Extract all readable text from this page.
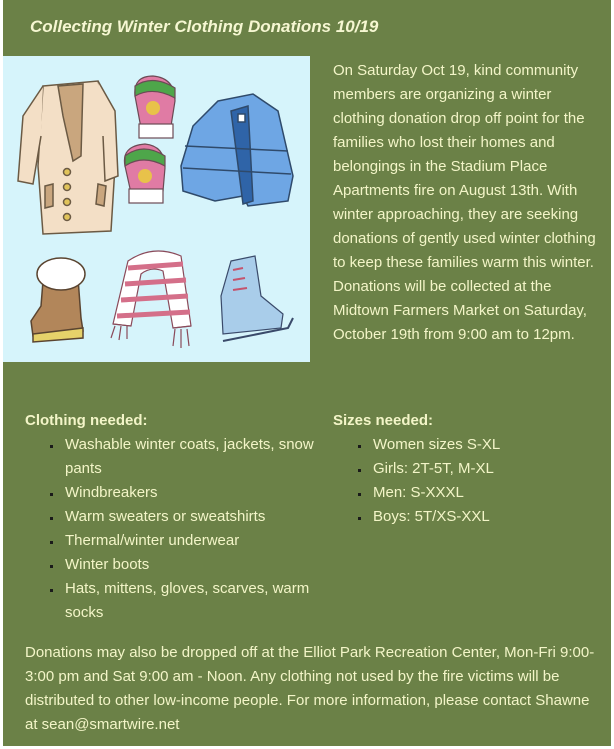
Collecting Winter Clothing Donations 10/19

On Saturday Oct 19, kind community members are organizing a winter clothing donation drop off point for the families who lost their homes and belongings in the Stadium Place Apartments fire on August 13th. With winter approaching, they are seeking donations of gently used winter clothing to keep these families warm this winter.

Donations will be collected at the Midtown Farmers Market on Saturday, October 19th from 9:00 am to 12pm.

Clothing needed:
Washable winter coats, jackets, snow pants
Windbreakers
Warm sweaters or sweatshirts
Thermal/winter underwear
Winter boots
Hats, mittens, gloves, scarves, warm socks
Sizes needed:
Women sizes S-XL
Girls: 2T-5T, M-XL
Men: S-XXXL
Boys: 5T/XS-XXL

Donations may also be dropped off at the Elliot Park Recreation Center, Mon-Fri 9:00-3:00 pm and Sat 9:00 am - Noon. Any clothing not used by the fire victims will be distributed to other low-income people. For more information, please contact Shawne at sean@smartwire.net
